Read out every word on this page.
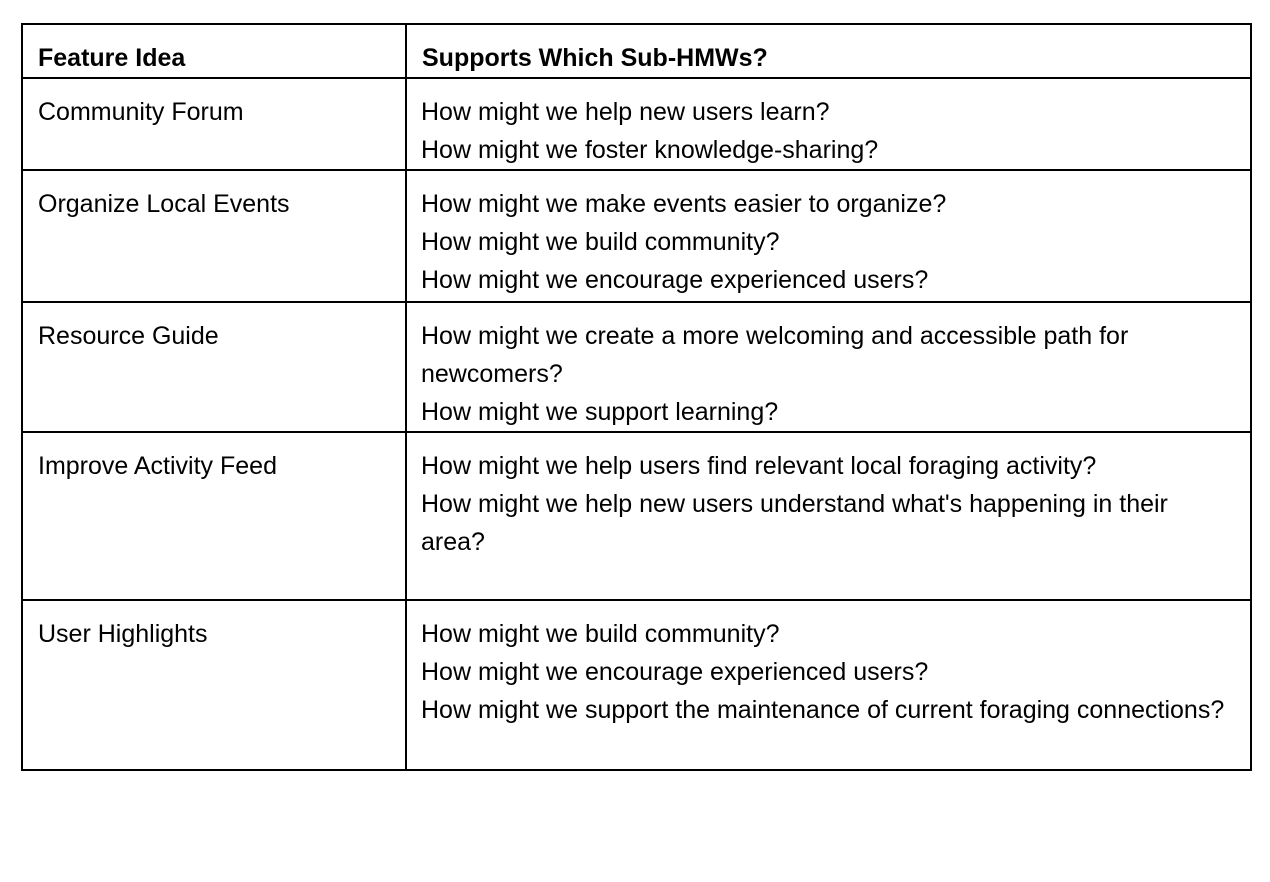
Feature Idea	Supports Which Sub-HMWs?
Community Forum	How might we help new users learn?
How might we foster knowledge-sharing?

Organize Local Events	How might we make events easier to organize?
How might we build community?
How might we encourage experienced users?

Resource Guide	How might we create a more welcoming and accessible path for newcomers?
How might we support learning?

Improve Activity Feed	How might we help users find relevant local foraging activity?
How might we help new users understand what's happening in their area?

User Highlights	How might we build community?
How might we encourage experienced users?
How might we support the maintenance of current foraging connections?
